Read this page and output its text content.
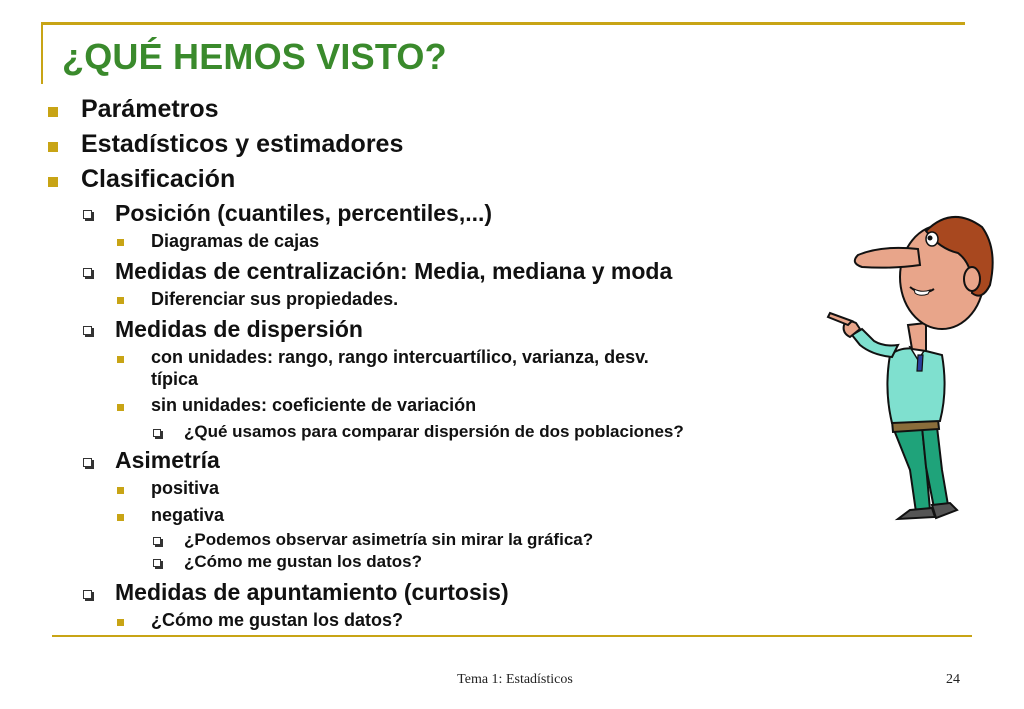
¿QUÉ HEMOS VISTO?
Parámetros
Estadísticos y estimadores
Clasificación
Posición (cuantiles, percentiles,...)
Diagramas de cajas
Medidas de centralización: Media, mediana y moda
Diferenciar sus propiedades.
Medidas de dispersión
con unidades: rango, rango intercuartílico, varianza, desv.
típica
sin unidades: coeficiente de variación
¿Qué usamos para comparar dispersión de dos poblaciones?
Asimetría
positiva
negativa
¿Podemos observar asimetría sin mirar la gráfica?
¿Cómo me gustan los datos?
Medidas de apuntamiento (curtosis)
¿Cómo me gustan los datos?
Tema 1: Estadísticos	24
